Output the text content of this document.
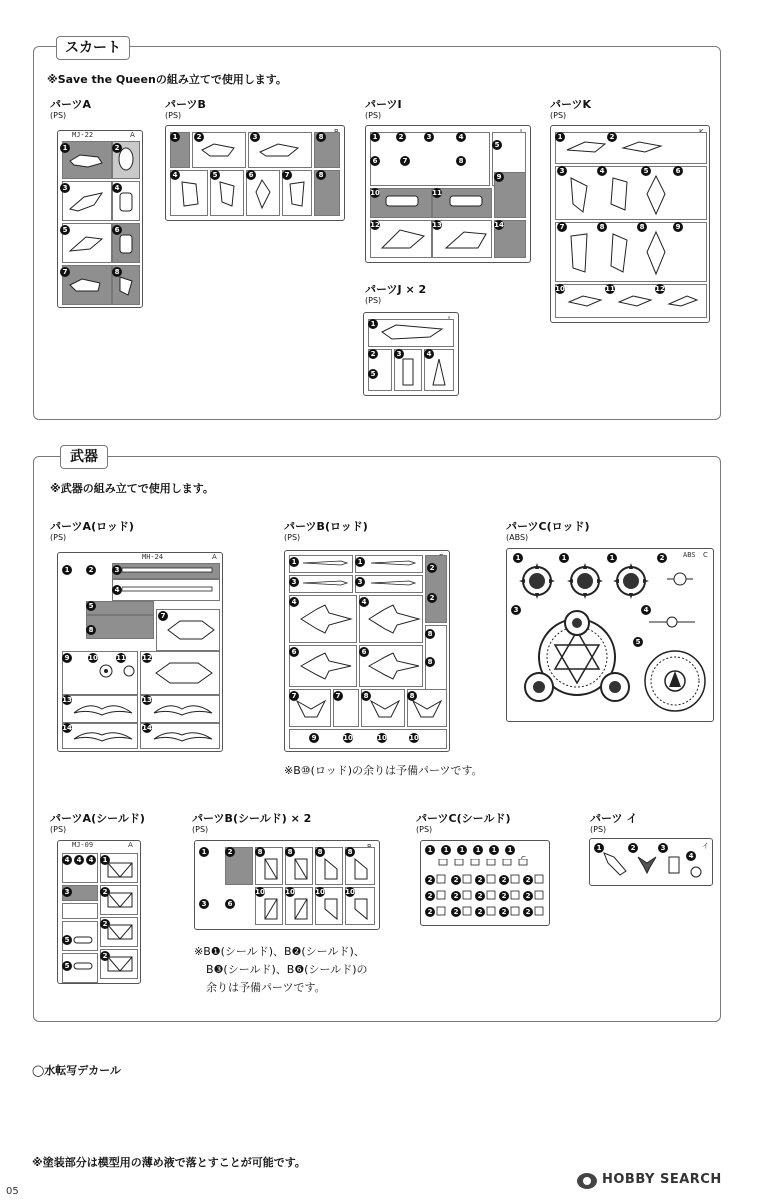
スカート
※Save the Queenの組み立てで使用します。
パーツA
(PS)
MJ-22	A
1	2
3	4
5	6
7	8
パーツB
(PS)
1	2	3	8
4	5	6	7	8
パーツI
(PS)
1	2	3	4
5
6	7	8
9
10	11
12	13	14
パーツJ × 2
(PS)
1
2	3	4
5
パーツK
(PS)
1	2
3	4	5	6
7	8	8	9
10	11	12
武器
※武器の組み立てで使用します。
パーツA(ロッド)
(PS)
MH-24	A
1	2	3
4
5
7
8
9	10	11 12
13	13
14	14
パーツB(ロッド)
(PS)
1	1
3	3
2
2
4	4
6	6
8
8
7	7	8	8
9	10	10	10
※B⑩(ロッド)の余りは予備パーツです。
パーツC(ロッド)
(ABS)
ABS C
1	1	1	2
3	4
5
パーツA(シールド)
(PS)
MJ-09	A
4	4	4	1
3	2
2
5
2
5
パーツB(シールド) × 2
(PS)
1	2	8	8	8	8
3	6
10	10	10	10
※B❶(シールド)、B❷(シールド)、
B❸(シールド)、B❻(シールド)の
余りは予備パーツです。
パーツC(シールド)
(PS)
1	1	1	1	1	1
2	2	2	2	2
2	2	2	2	2
2	2	2	2	2
パーツ イ
(PS)
イ
1	2	3
4
◯水転写デカール
※塗装部分は模型用の薄め液で落とすことが可能です。
HOBBY SEARCH
05
